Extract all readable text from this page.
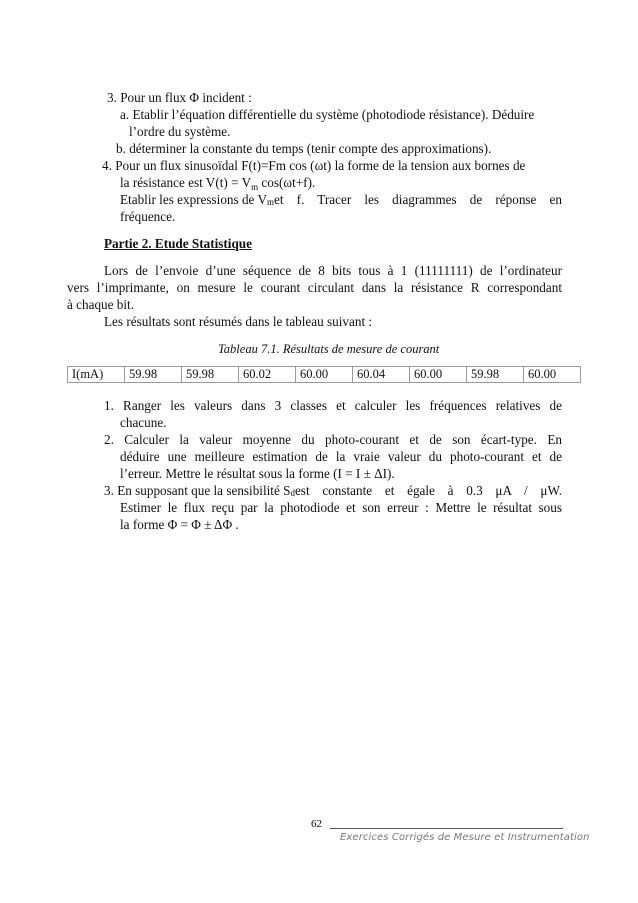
3. Pour un flux Φ incident :
a. Etablir l’équation différentielle du système (photodiode résistance). Déduire
l’ordre du système.
b. déterminer la constante du temps (tenir compte des approximations).
4. Pour un flux sinusoïdal F(t)=Fm cos (ωt) la forme de la tension aux bornes de
la résistance est $V(t) = V_m$ cos(ωt+f).
Etablir les expressions de V m et f. Tracer les diagrammes de réponse en
fréquence.
Partie 2. Etude Statistique
Lors de l’envoie d’une séquence de 8 bits tous à 1 (11111111) de l’ordinateur
vers l’imprimante, on mesure le courant circulant dans la résistance R correspondant
à chaque bit.
Les résultats sont résumés dans le tableau suivant :
Tableau 7.1. Résultats de mesure de courant
I(mA)	59.98	59.98	60.02	60.00	60.04	60.00	59.98	60.00
1. Ranger les valeurs dans 3 classes et calculer les fréquences relatives de
chacune.
2. Calculer la valeur moyenne du photo-courant et de son écart-type. En
déduire une meilleure estimation de la vraie valeur du photo-courant et de
l’erreur. Mettre le résultat sous la forme (I = I ± ΔI).
3. En supposant que la sensibilité S d est constante et égale à 0.3 μA / μW.
Estimer le flux reçu par la photodiode et son erreur : Mettre le résultat sous
la forme Φ = Φ ± ΔΦ .
62
Exercices Corrigés de Mesure et Instrumentation
